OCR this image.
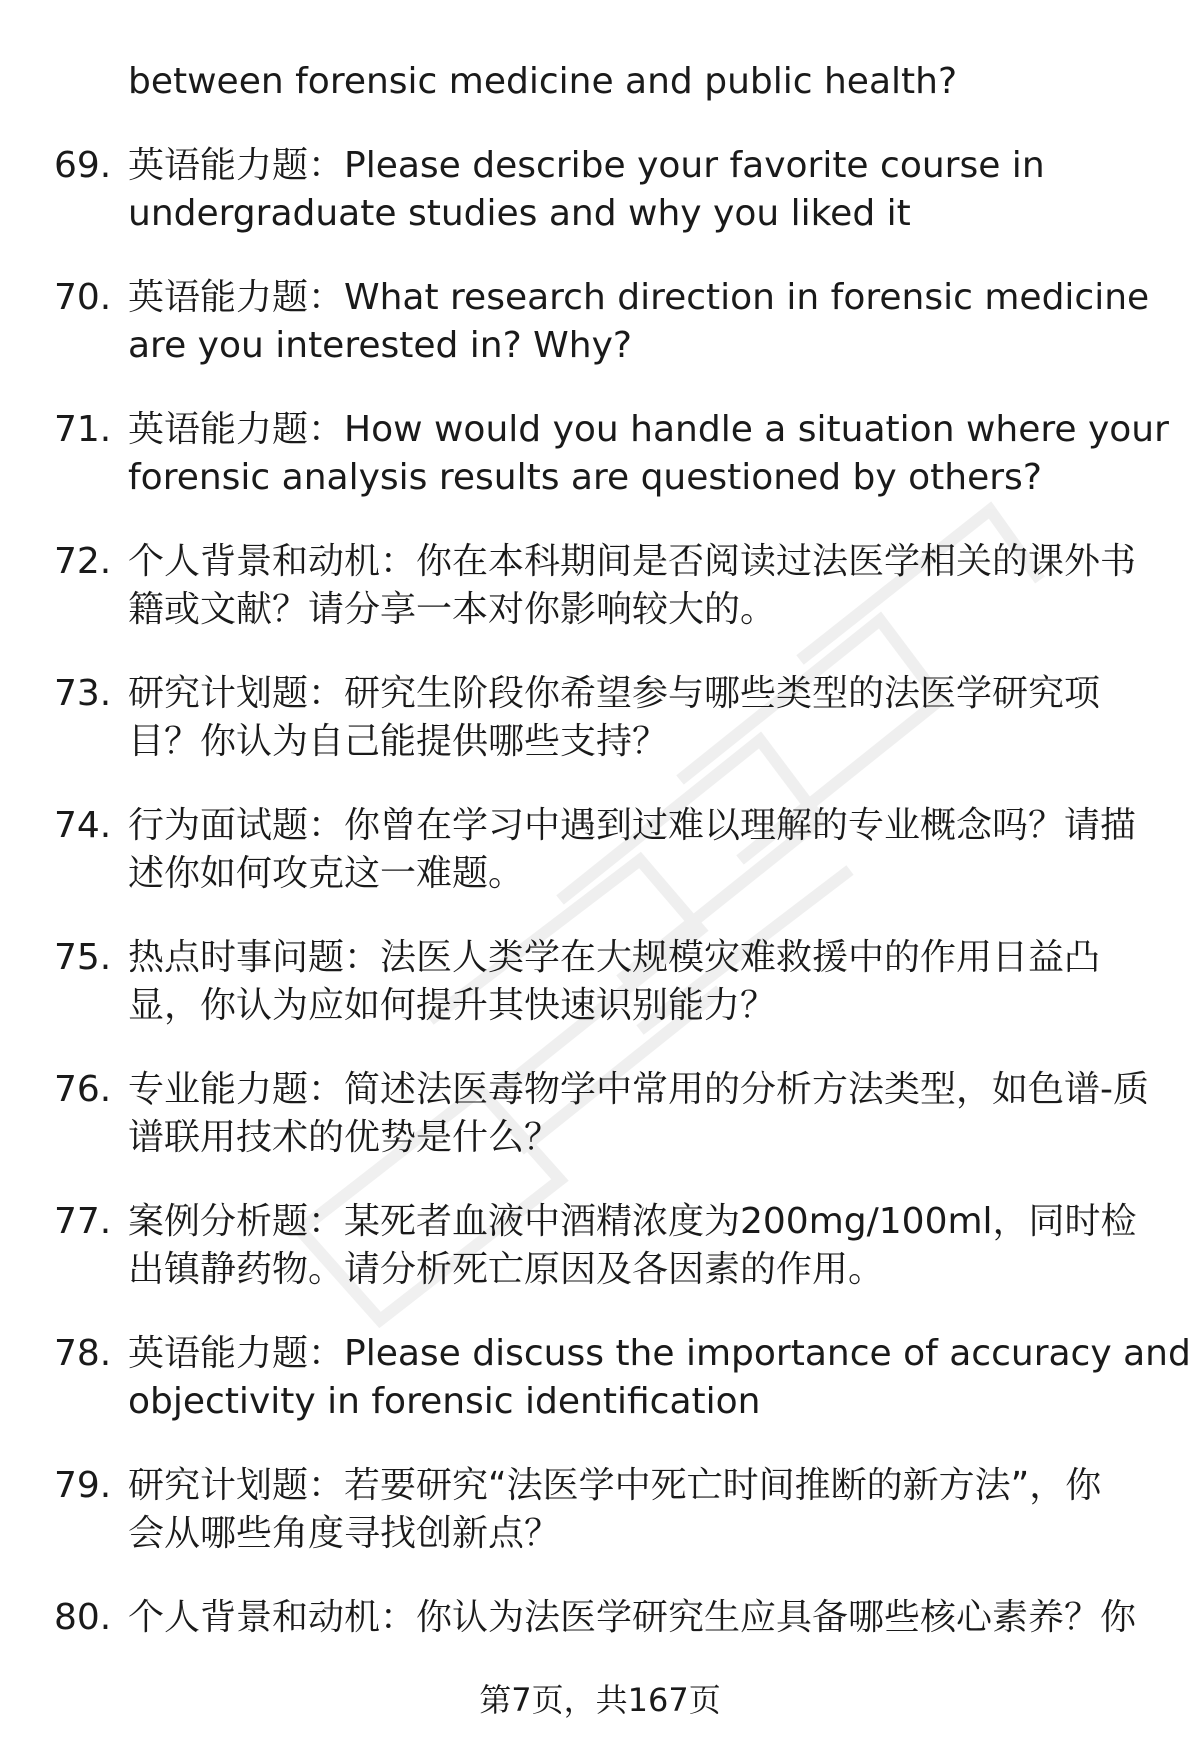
between forensic medicine and public health?
69. 英语能力题：Please describe your favorite course in
undergraduate studies and why you liked it
70. 英语能力题：What research direction in forensic medicine
are you interested in? Why?
71. 英语能力题：How would you handle a situation where your
forensic analysis results are questioned by others?
72. 个人背景和动机：你在本科期间是否阅读过法医学相关的课外书
籍或文献？请分享一本对你影响较大的。
73. 研究计划题：研究生阶段你希望参与哪些类型的法医学研究项
目？你认为自己能提供哪些支持？
74. 行为面试题：你曾在学习中遇到过难以理解的专业概念吗？请描
述你如何攻克这一难题。
75. 热点时事问题：法医人类学在大规模灾难救援中的作用日益凸
显，你认为应如何提升其快速识别能力？
76. 专业能力题：简述法医毒物学中常用的分析方法类型，如色谱-质
谱联用技术的优势是什么？
77. 案例分析题：某死者血液中酒精浓度为200mg/100ml，同时检
出镇静药物。请分析死亡原因及各因素的作用。
78. 英语能力题：Please discuss the importance of accuracy and
objectivity in forensic identification
79. 研究计划题：若要研究“法医学中死亡时间推断的新方法”，你
会从哪些角度寻找创新点？
80. 个人背景和动机：你认为法医学研究生应具备哪些核心素养？你
第7页，共167页
